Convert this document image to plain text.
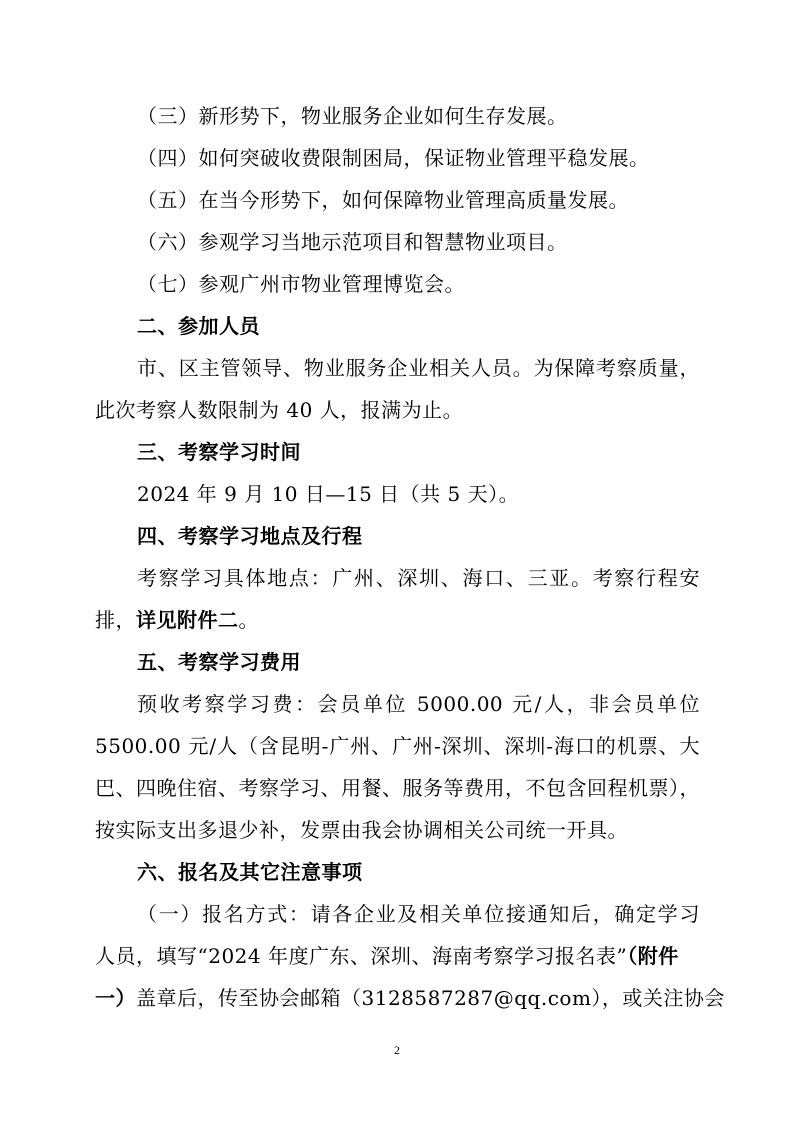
（三）新形势下，物业服务企业如何生存发展。
（四）如何突破收费限制困局，保证物业管理平稳发展。
（五）在当今形势下，如何保障物业管理高质量发展。
（六）参观学习当地示范项目和智慧物业项目。
（七）参观广州市物业管理博览会。
二、参加人员
市、区主管领导、物业服务企业相关人员。为保障考察质量，
此次考察人数限制为 40 人，报满为止。
三、考察学习时间
2024 年 9 月 10 日—15 日（共 5 天）。
四、考察学习地点及行程
考察学习具体地点：广州、深圳、海口、三亚。考察行程安
排，详见附件二。
五、考察学习费用
预收考察学习费：会员单位 5000.00 元/人，非会员单位
5500.00 元/人（含昆明-广州、广州-深圳、深圳-海口的机票、大
巴、四晚住宿、考察学习、用餐、服务等费用，不包含回程机票），
按实际支出多退少补，发票由我会协调相关公司统一开具。
六、报名及其它注意事项
（一）报名方式：请各企业及相关单位接通知后，确定学习
人员，填写“2024 年度广东、深圳、海南考察学习报名表”（附件
一）盖章后，传至协会邮箱（3128587287@qq.com），或关注协会
2
